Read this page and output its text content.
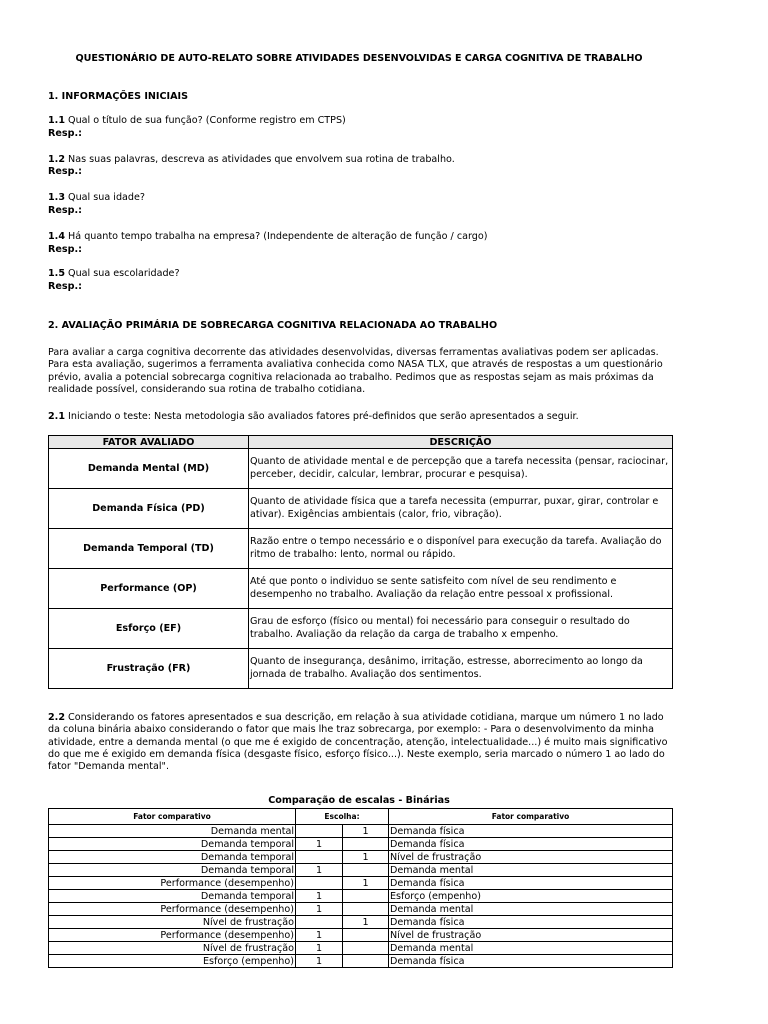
QUESTIONÁRIO DE AUTO-RELATO SOBRE ATIVIDADES DESENVOLVIDAS E CARGA COGNITIVA DE TRABALHO
1. INFORMAÇÕES INICIAIS
1.1 Qual o título de sua função? (Conforme registro em CTPS)
Resp.:
1.2 Nas suas palavras, descreva as atividades que envolvem sua rotina de trabalho.
Resp.:
1.3 Qual sua idade?
Resp.:
1.4 Há quanto tempo trabalha na empresa? (Independente de alteração de função / cargo)
Resp.:
1.5 Qual sua escolaridade?
Resp.:
2. AVALIAÇÃO PRIMÁRIA DE SOBRECARGA COGNITIVA RELACIONADA AO TRABALHO
Para avaliar a carga cognitiva decorrente das atividades desenvolvidas, diversas ferramentas avaliativas podem ser aplicadas. Para esta avaliação, sugerimos a ferramenta avaliativa conhecida como NASA TLX, que através de respostas a um questionário prévio, avalia a potencial sobrecarga cognitiva relacionada ao trabalho. Pedimos que as respostas sejam as mais próximas da realidade possível, considerando sua rotina de trabalho cotidiana.
2.1 Iniciando o teste: Nesta metodologia são avaliados fatores pré-definidos que serão apresentados a seguir.
FATOR AVALIADO	DESCRIÇÃO
Demanda Mental (MD)	Quanto de atividade mental e de percepção que a tarefa necessita (pensar, raciocinar, perceber, decidir, calcular, lembrar, procurar e pesquisa).
Demanda Física (PD)	Quanto de atividade física que a tarefa necessita (empurrar, puxar, girar, controlar e ativar). Exigências ambientais (calor, frio, vibração).
Demanda Temporal (TD)	Razão entre o tempo necessário e o disponível para execução da tarefa. Avaliação do ritmo de trabalho: lento, normal ou rápido.
Performance (OP)	Até que ponto o individuo se sente satisfeito com nível de seu rendimento e desempenho no trabalho. Avaliação da relação entre pessoal x profissional.
Esforço (EF)	Grau de esforço (físico ou mental) foi necessário para conseguir o resultado do trabalho. Avaliação da relação da carga de trabalho x empenho.
Frustração (FR)	Quanto de insegurança, desânimo, irritação, estresse, aborrecimento ao longo da jornada de trabalho. Avaliação dos sentimentos.
2.2 Considerando os fatores apresentados e sua descrição, em relação à sua atividade cotidiana, marque um número 1 no lado da coluna binária abaixo considerando o fator que mais lhe traz sobrecarga, por exemplo: - Para o desenvolvimento da minha atividade, entre a demanda mental (o que me é exigido de concentração, atenção, intelectualidade...) é muito mais significativo do que me é exigido em demanda física (desgaste físico, esforço físico...). Neste exemplo, seria marcado o número 1 ao lado do fator "Demanda mental".
Comparação de escalas - Binárias
Fator comparativo	Escolha:		Fator comparativo
Demanda mental		1	Demanda física
Demanda temporal	1		Demanda física
Demanda temporal		1	Nível de frustração
Demanda temporal	1		Demanda mental
Performance (desempenho)		1	Demanda física
Demanda temporal	1		Esforço (empenho)
Performance (desempenho)	1		Demanda mental
Nível de frustração		1	Demanda física
Performance (desempenho)	1		Nível de frustração
Nível de frustração	1		Demanda mental
Esforço (empenho)	1		Demanda física
